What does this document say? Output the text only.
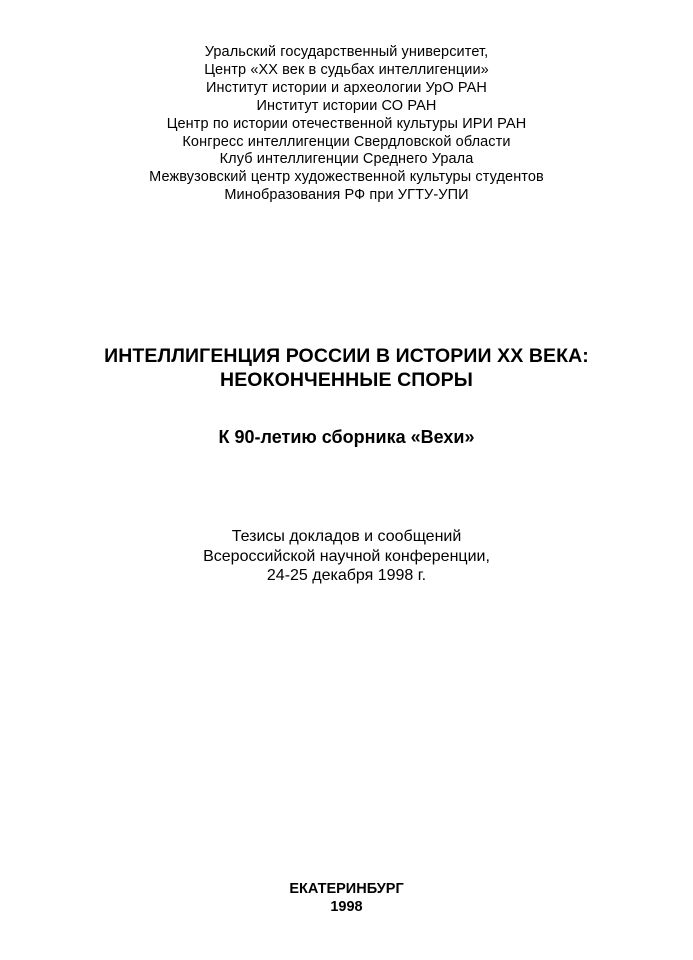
Уральский государственный университет,
Центр «XX век в судьбах интеллигенции»
Институт истории и археологии УрО РАН
Институт истории СО РАН
Центр по истории отечественной культуры ИРИ РАН
Конгресс интеллигенции Свердловской области
Клуб интеллигенции Среднего Урала
Межвузовский центр художественной культуры студентов
Минобразования РФ при УГТУ-УПИ
ИНТЕЛЛИГЕНЦИЯ РОССИИ В ИСТОРИИ XX ВЕКА:
НЕОКОНЧЕННЫЕ СПОРЫ
К 90-летию сборника «Вехи»
Тезисы докладов и сообщений
Всероссийской научной конференции,
24-25 декабря 1998 г.
ЕКАТЕРИНБУРГ
1998
